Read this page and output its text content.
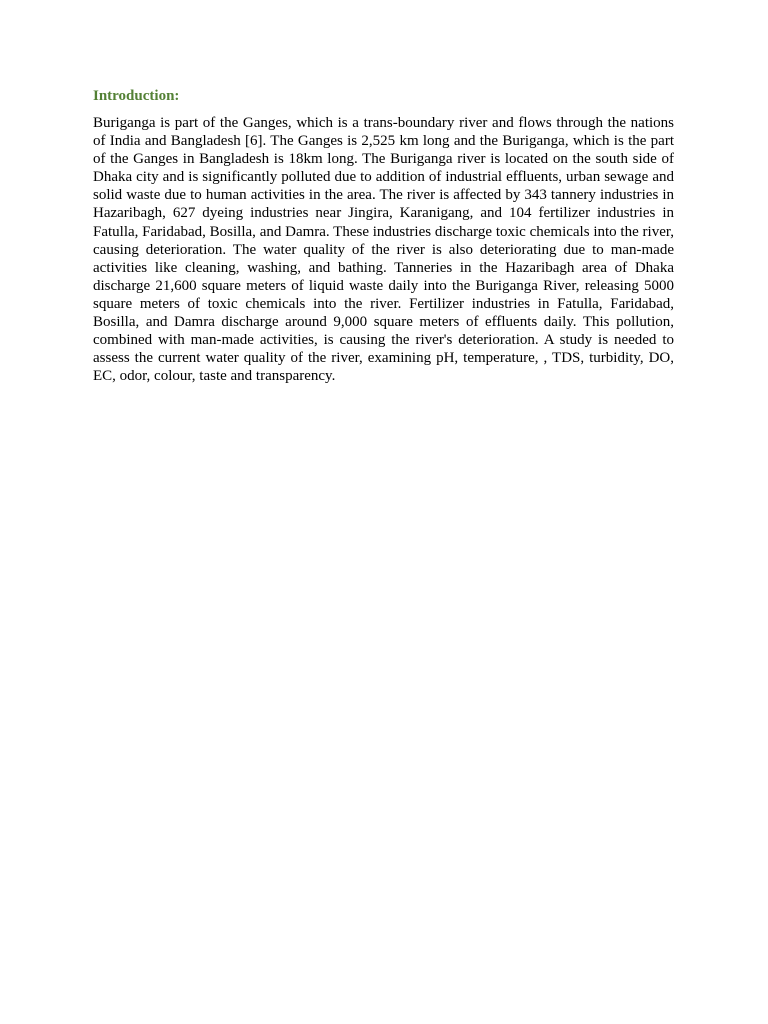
Introduction:

Buriganga is part of the Ganges, which is a trans-boundary river and flows through the nations of India and Bangladesh [6]. The Ganges is 2,525 km long and the Buriganga, which is the part of the Ganges in Bangladesh is 18km long. The Buriganga river is located on the south side of Dhaka city and is significantly polluted due to addition of industrial effluents, urban sewage and solid waste due to human activities in the area. The river is affected by 343 tannery industries in Hazaribagh, 627 dyeing industries near Jingira, Karanigang, and 104 fertilizer industries in Fatulla, Faridabad, Bosilla, and Damra. These industries discharge toxic chemicals into the river, causing deterioration. The water quality of the river is also deteriorating due to man-made activities like cleaning, washing, and bathing. Tanneries in the Hazaribagh area of Dhaka discharge 21,600 square meters of liquid waste daily into the Buriganga River, releasing 5000 square meters of toxic chemicals into the river. Fertilizer industries in Fatulla, Faridabad, Bosilla, and Damra discharge around 9,000 square meters of effluents daily. This pollution, combined with man-made activities, is causing the river's deterioration. A study is needed to assess the current water quality of the river, examining pH, temperature, , TDS, turbidity, DO, EC, odor, colour, taste and transparency.
